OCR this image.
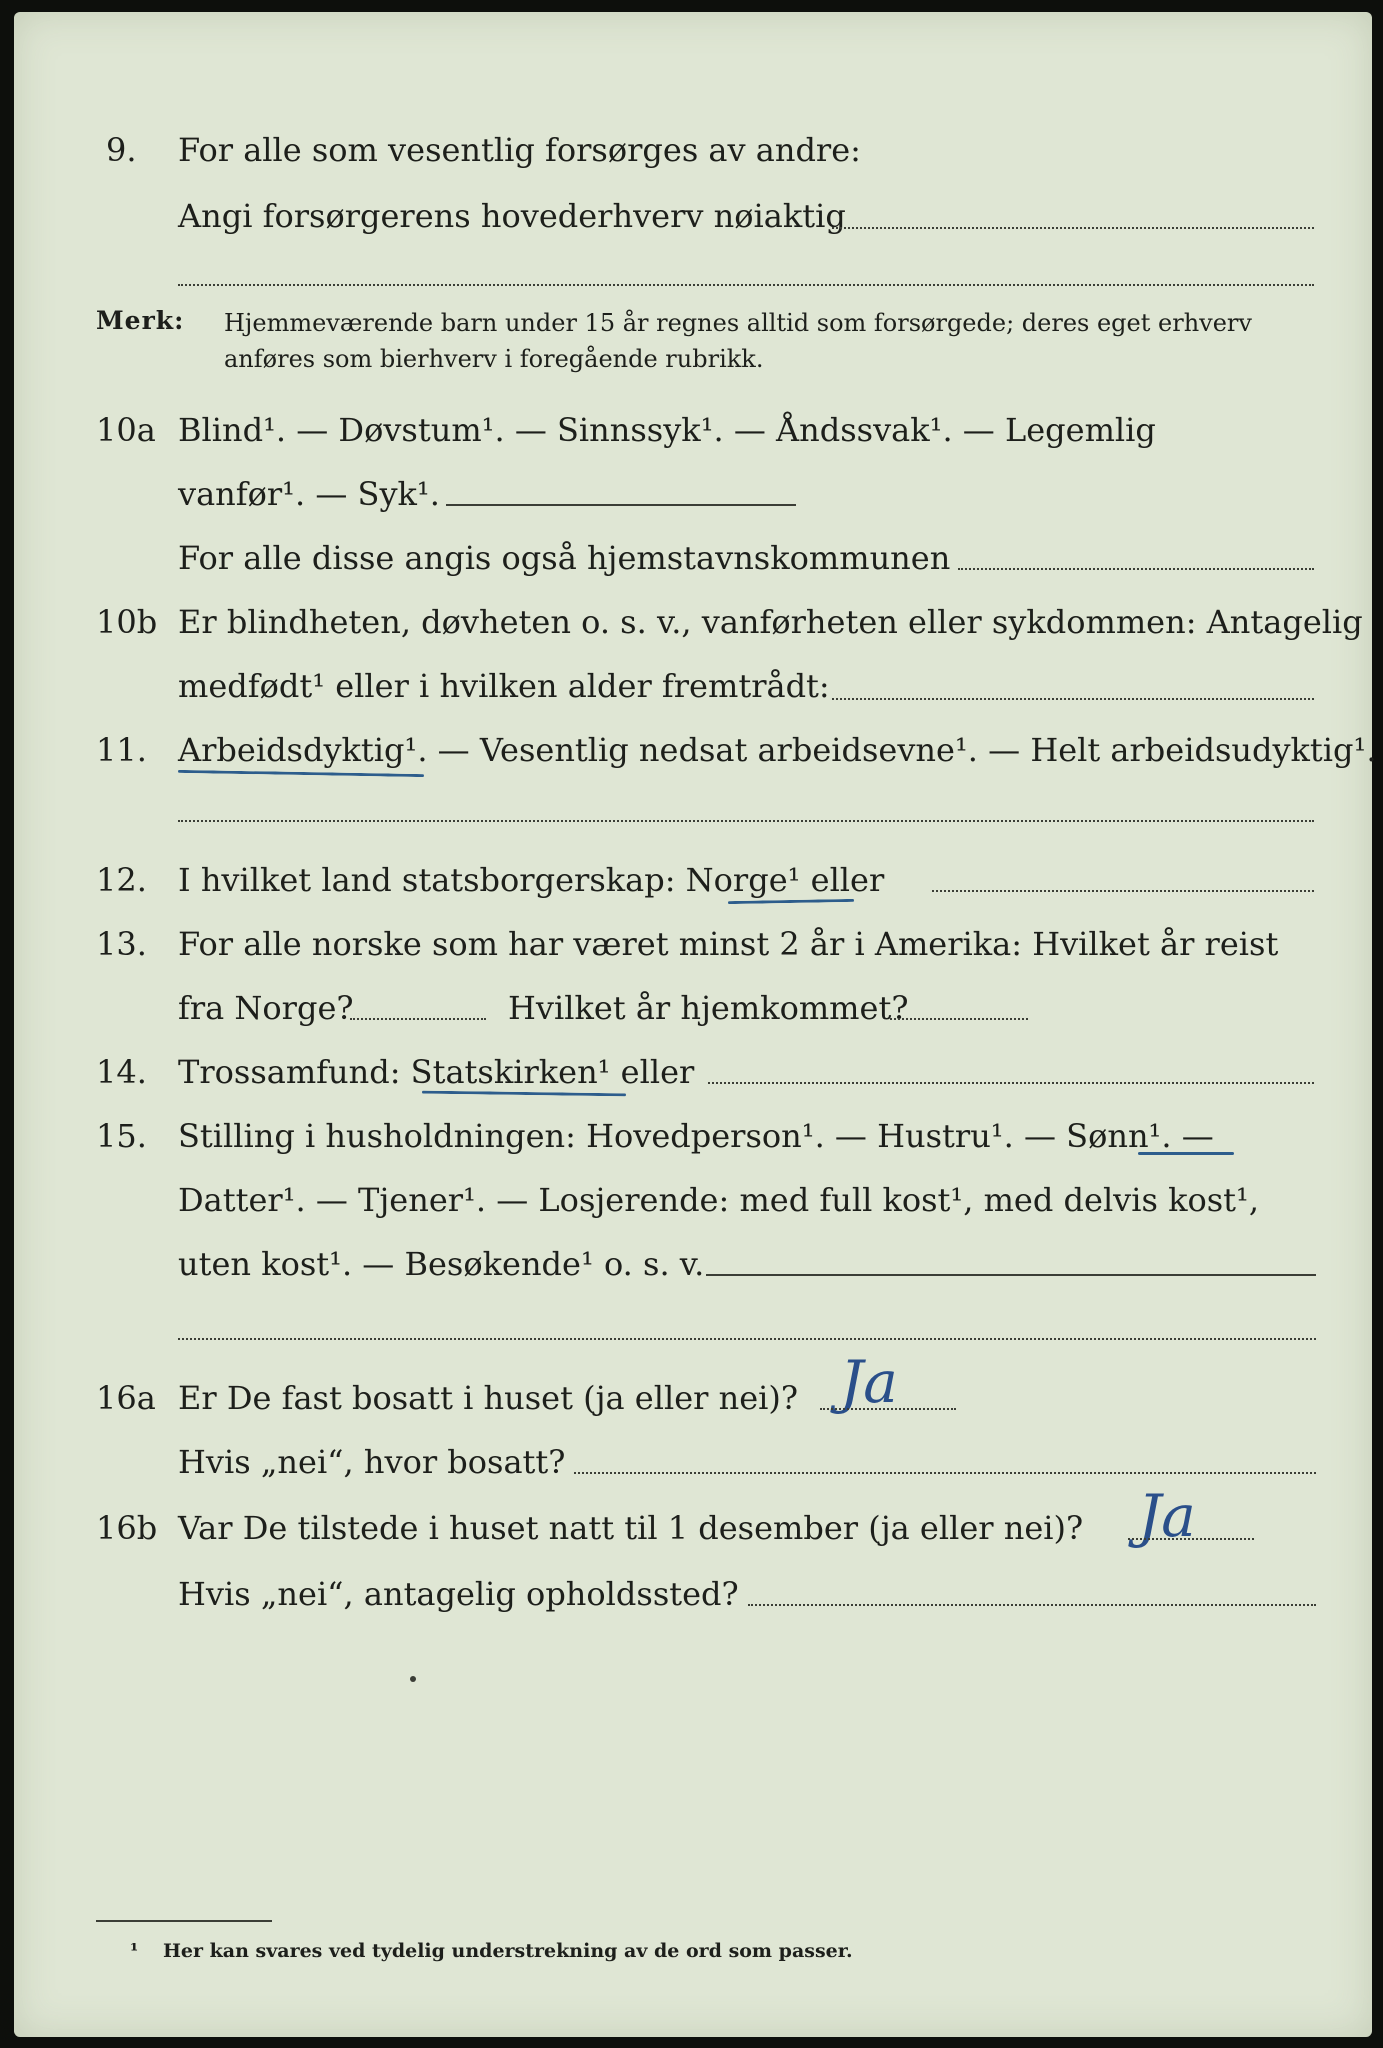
9. For alle som vesentlig forsørges av andre:
Angi forsørgerens hovederhverv nøiaktig
Merk: Hjemmeværende barn under 15 år regnes alltid som forsørgede; deres eget erhverv
anføres som bierhverv i foregående rubrikk.
10a Blind¹. — Døvstum¹. — Sinnssyk¹. — Åndssvak¹. — Legemlig
vanfør¹. — Syk¹.
For alle disse angis også hjemstavnskommunen
10b Er blindheten, døvheten o. s. v., vanførheten eller sykdommen: Antagelig
medfødt¹ eller i hvilken alder fremtrådt:
11. Arbeidsdyktig¹. — Vesentlig nedsat arbeidsevne¹. — Helt arbeidsudyktig¹.
12. I hvilket land statsborgerskap: Norge¹ eller
13. For alle norske som har været minst 2 år i Amerika: Hvilket år reist
fra Norge?	Hvilket år hjemkommet?
14. Trossamfund: Statskirken¹ eller
15. Stilling i husholdningen: Hovedperson¹. — Hustru¹. — Sønn¹. —
Datter¹. — Tjener¹. — Losjerende: med full kost¹, med delvis kost¹,
uten kost¹. — Besøkende¹ o. s. v.
16a Er De fast bosatt i huset (ja eller nei)? Ja
Hvis „nei“, hvor bosatt?
16b Var De tilstede i huset natt til 1 desember (ja eller nei)? Ja
Hvis „nei“, antagelig opholdssted?
¹ Her kan svares ved tydelig understrekning av de ord som passer.
